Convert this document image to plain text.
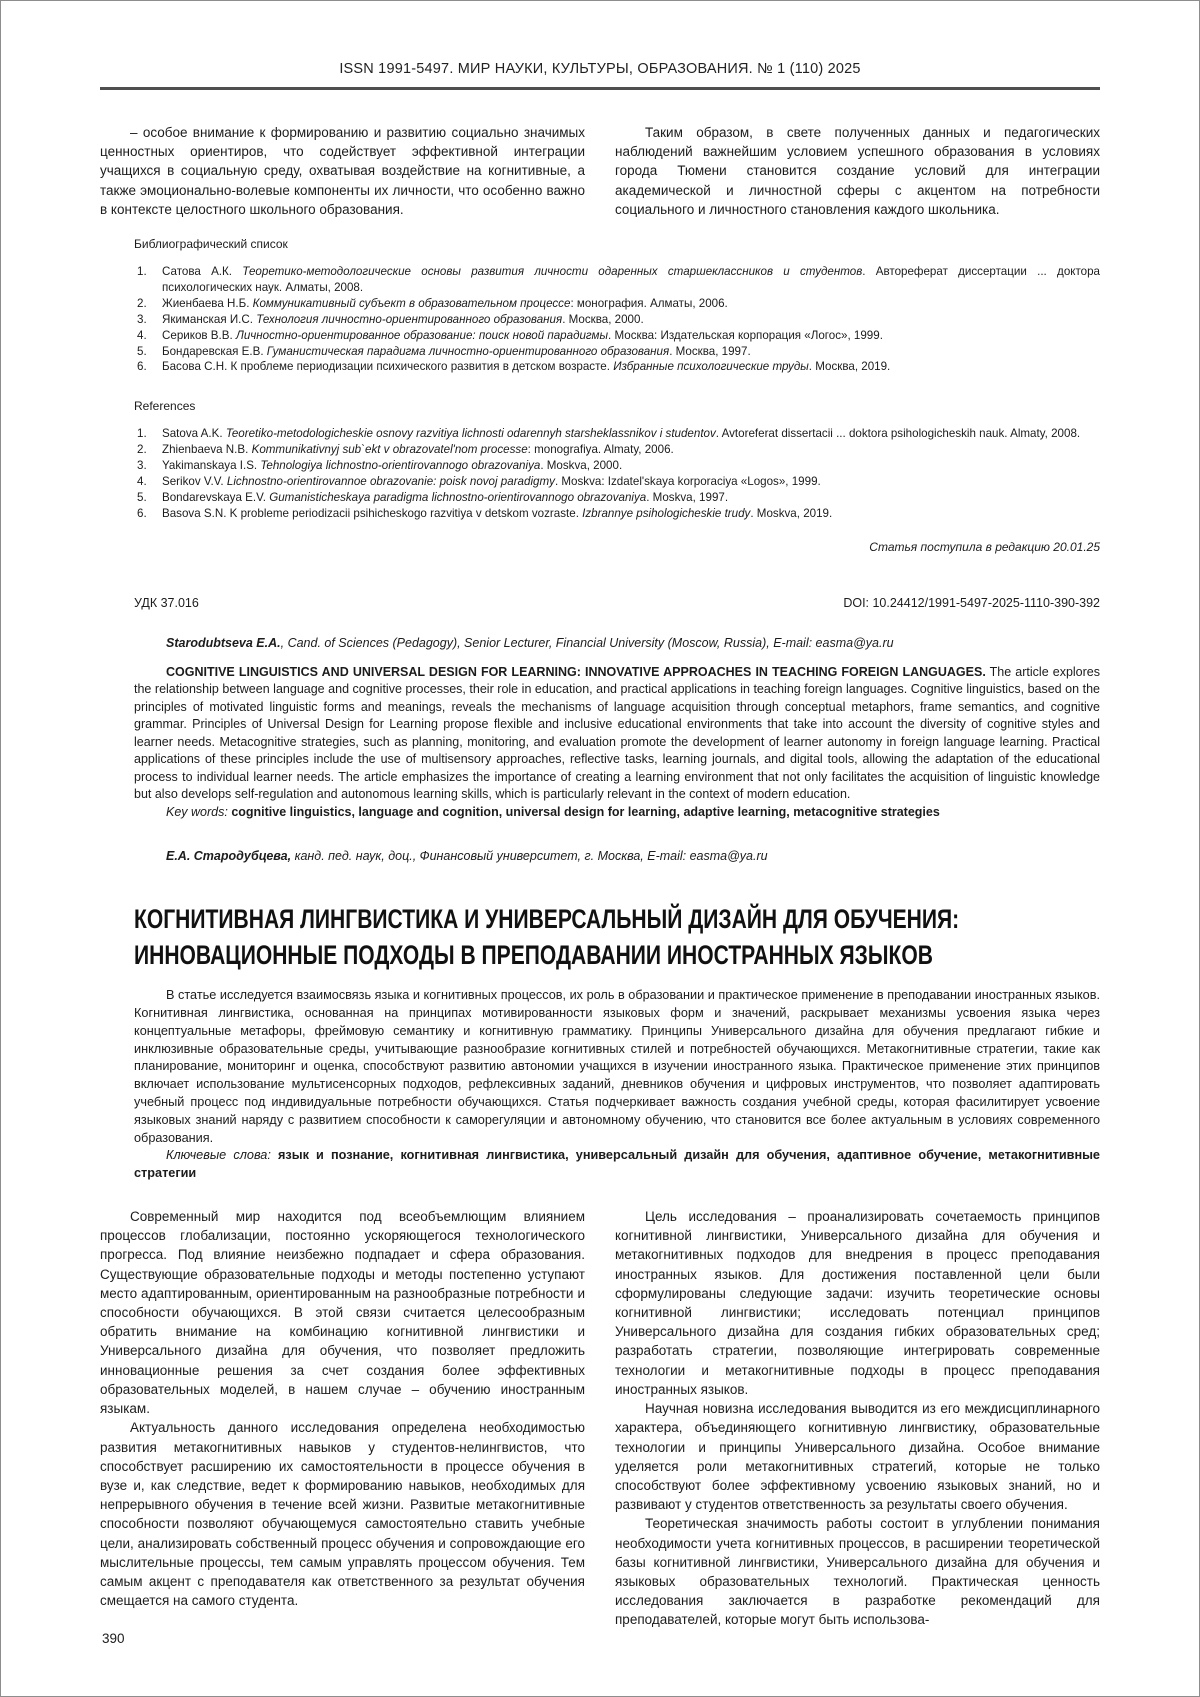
ISSN 1991-5497. МИР НАУКИ, КУЛЬТУРЫ, ОБРАЗОВАНИЯ. № 1 (110) 2025

– особое внимание к формированию и развитию социально значимых ценностных ориентиров, что содействует эффективной интеграции учащихся в социальную среду, охватывая воздействие на когнитивные, а также эмоционально-волевые компоненты их личности, что особенно важно в контексте целостного школьного образования.

Таким образом, в свете полученных данных и педагогических наблюдений важнейшим условием успешного образования в условиях города Тюмени становится создание условий для интеграции академической и личностной сферы с акцентом на потребности социального и личностного становления каждого школьника.

Библиографический список
Сатова А.К. Теоретико-методологические основы развития личности одаренных старшеклассников и студентов. Автореферат диссертации ... доктора психологических наук. Алматы, 2008.
Жиенбаева Н.Б. Коммуникативный субъект в образовательном процессе: монография. Алматы, 2006.
Якиманская И.С. Технология личностно-ориентированного образования. Москва, 2000.
Сериков В.В. Личностно-ориентированное образование: поиск новой парадигмы. Москва: Издательская корпорация «Логос», 1999.
Бондаревская Е.В. Гуманистическая парадигма личностно-ориентированного образования. Москва, 1997.
Басова С.Н. К проблеме периодизации психического развития в детском возрасте. Избранные психологические труды. Москва, 2019.
References
Satova A.K. Teoretiko-metodologicheskie osnovy razvitiya lichnosti odarennyh starsheklassnikov i studentov. Avtoreferat dissertacii ... doktora psihologicheskih nauk. Almaty, 2008.
Zhienbaeva N.B. Kommunikativnyj sub`ekt v obrazovatel'nom processe: monografiya. Almaty, 2006.
Yakimanskaya I.S. Tehnologiya lichnostno-orientirovannogo obrazovaniya. Moskva, 2000.
Serikov V.V. Lichnostno-orientirovannoe obrazovanie: poisk novoj paradigmy. Moskva: Izdatel'skaya korporaciya «Logos», 1999.
Bondarevskaya E.V. Gumanisticheskaya paradigma lichnostno-orientirovannogo obrazovaniya. Moskva, 1997.
Basova S.N. K probleme periodizacii psihicheskogo razvitiya v detskom vozraste. Izbrannye psihologicheskie trudy. Moskva, 2019.
Статья поступила в редакцию 20.01.25
УДК 37.016	DOI: 10.24412/1991-5497-2025-1110-390-392

Starodubtseva E.A., Cand. of Sciences (Pedagogy), Senior Lecturer, Financial University (Moscow, Russia), E-mail: easma@ya.ru

COGNITIVE LINGUISTICS AND UNIVERSAL DESIGN FOR LEARNING: INNOVATIVE APPROACHES IN TEACHING FOREIGN LANGUAGES. The article explores the relationship between language and cognitive processes, their role in education, and practical applications in teaching foreign languages. Cognitive linguistics, based on the principles of motivated linguistic forms and meanings, reveals the mechanisms of language acquisition through conceptual metaphors, frame semantics, and cognitive grammar. Principles of Universal Design for Learning propose flexible and inclusive educational environments that take into account the diversity of cognitive styles and learner needs. Metacognitive strategies, such as planning, monitoring, and evaluation promote the development of learner autonomy in foreign language learning. Practical applications of these principles include the use of multisensory approaches, reflective tasks, learning journals, and digital tools, allowing the adaptation of the educational process to individual learner needs. The article emphasizes the importance of creating a learning environment that not only facilitates the acquisition of linguistic knowledge but also develops self-regulation and autonomous learning skills, which is particularly relevant in the context of modern education.

Key words: cognitive linguistics, language and cognition, universal design for learning, adaptive learning, metacognitive strategies

Е.А. Стародубцева, канд. пед. наук, доц., Финансовый университет, г. Москва, E-mail: easma@ya.ru

КОГНИТИВНАЯ ЛИНГВИСТИКА И УНИВЕРСАЛЬНЫЙ ДИЗАЙН ДЛЯ ОБУЧЕНИЯ:
ИННОВАЦИОННЫЕ ПОДХОДЫ В ПРЕПОДАВАНИИ ИНОСТРАННЫХ ЯЗЫКОВ

В статье исследуется взаимосвязь языка и когнитивных процессов, их роль в образовании и практическое применение в преподавании иностранных языков. Когнитивная лингвистика, основанная на принципах мотивированности языковых форм и значений, раскрывает механизмы усвоения языка через концептуальные метафоры, фреймовую семантику и когнитивную грамматику. Принципы Универсального дизайна для обучения предлагают гибкие и инклюзивные образовательные среды, учитывающие разнообразие когнитивных стилей и потребностей обучающихся. Метакогнитивные стратегии, такие как планирование, мониторинг и оценка, способствуют развитию автономии учащихся в изучении иностранного языка. Практическое применение этих принципов включает использование мультисенсорных подходов, рефлексивных заданий, дневников обучения и цифровых инструментов, что позволяет адаптировать учебный процесс под индивидуальные потребности обучающихся. Статья подчеркивает важность создания учебной среды, которая фасилитирует усвоение языковых знаний наряду с развитием способности к саморегуляции и автономному обучению, что становится все более актуальным в условиях современного образования.

Ключевые слова: язык и познание, когнитивная лингвистика, универсальный дизайн для обучения, адаптивное обучение, метакогнитивные стратегии

Современный мир находится под всеобъемлющим влиянием процессов глобализации, постоянно ускоряющегося технологического прогресса. Под влияние неизбежно подпадает и сфера образования. Существующие образовательные подходы и методы постепенно уступают место адаптированным, ориентированным на разнообразные потребности и способности обучающихся. В этой связи считается целесообразным обратить внимание на комбинацию когнитивной лингвистики и Универсального дизайна для обучения, что позволяет предложить инновационные решения за счет создания более эффективных образовательных моделей, в нашем случае – обучению иностранным языкам.

Актуальность данного исследования определена необходимостью развития метакогнитивных навыков у студентов-нелингвистов, что способствует расширению их самостоятельности в процессе обучения в вузе и, как следствие, ведет к формированию навыков, необходимых для непрерывного обучения в течение всей жизни. Развитые метакогнитивные способности позволяют обучающемуся самостоятельно ставить учебные цели, анализировать собственный процесс обучения и сопровождающие его мыслительные процессы, тем самым управлять процессом обучения. Тем самым акцент с преподавателя как ответственного за результат обучения смещается на самого студента.

Цель исследования – проанализировать сочетаемость принципов когнитивной лингвистики, Универсального дизайна для обучения и метакогнитивных подходов для внедрения в процесс преподавания иностранных языков. Для достижения поставленной цели были сформулированы следующие задачи: изучить теоретические основы когнитивной лингвистики; исследовать потенциал принципов Универсального дизайна для создания гибких образовательных сред; разработать стратегии, позволяющие интегрировать современные технологии и метакогнитивные подходы в процесс преподавания иностранных языков.

Научная новизна исследования выводится из его междисциплинарного характера, объединяющего когнитивную лингвистику, образовательные технологии и принципы Универсального дизайна. Особое внимание уделяется роли метакогнитивных стратегий, которые не только способствуют более эффективному усвоению языковых знаний, но и развивают у студентов ответственность за результаты своего обучения.

Теоретическая значимость работы состоит в углублении понимания необходимости учета когнитивных процессов, в расширении теоретической базы когнитивной лингвистики, Универсального дизайна для обучения и языковых образовательных технологий. Практическая ценность исследования заключается в разработке рекомендаций для преподавателей, которые могут быть использова-

390
